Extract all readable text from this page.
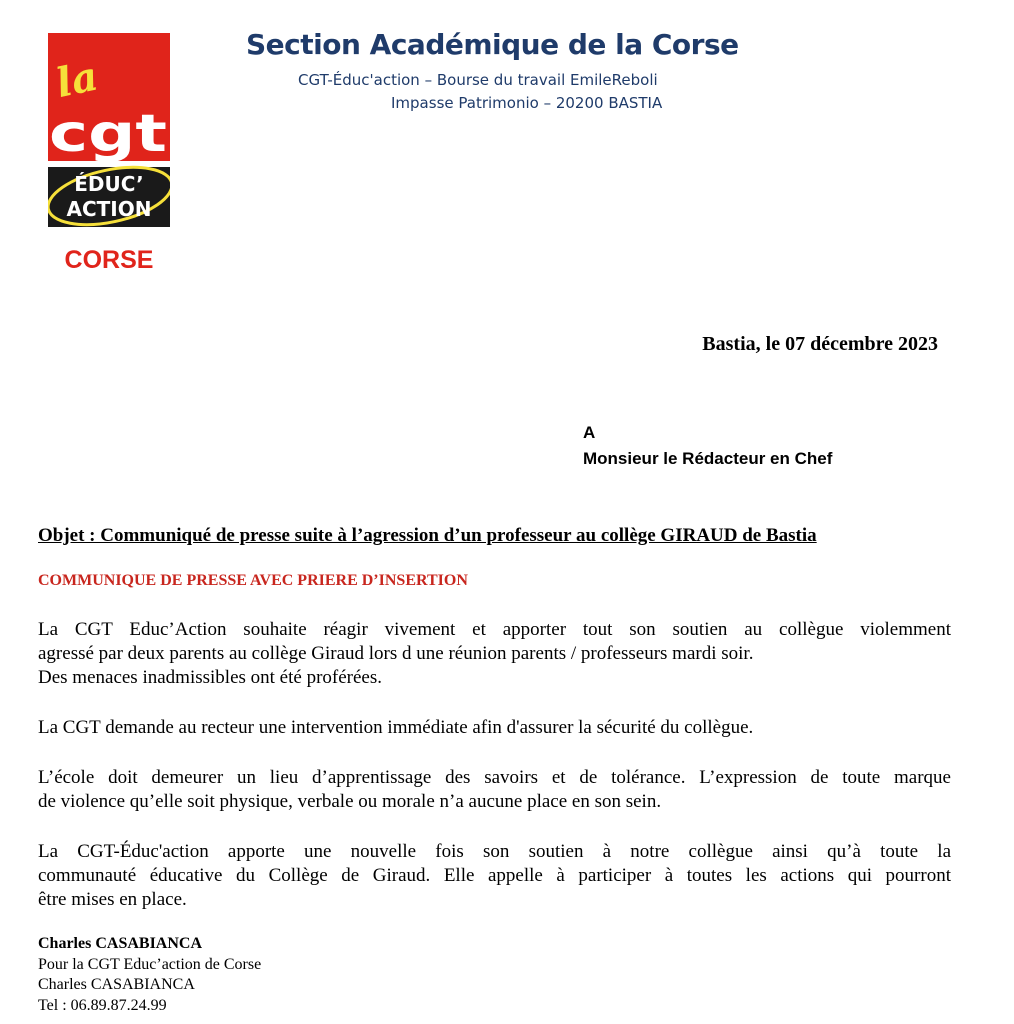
la
cgt
ÉDUC’
ACTION
CORSE
Section Académique de la Corse
CGT-Éduc'action – Bourse du travail EmileReboli
Impasse Patrimonio – 20200 BASTIA
Bastia, le 07 décembre 2023
A
Monsieur le Rédacteur en Chef
Objet : Communiqué de presse suite à l’agression d’un professeur au collège GIRAUD de Bastia
COMMUNIQUE DE PRESSE AVEC PRIERE D’INSERTION
La CGT Educ’Action souhaite réagir vivement et apporter tout son soutien au collègue violemment
agressé par deux parents au collège Giraud lors d une réunion parents / professeurs mardi soir.
Des menaces inadmissibles ont été proférées.
La CGT demande au recteur une intervention immédiate afin d'assurer la sécurité du collègue.
L’école doit demeurer un lieu d’apprentissage des savoirs et de tolérance. L’expression de toute marque
de violence qu’elle soit physique, verbale ou morale n’a aucune place en son sein.
La CGT-Éduc'action apporte une nouvelle fois son soutien à notre collègue ainsi qu’à toute la
communauté éducative du Collège de Giraud. Elle appelle à participer à toutes les actions qui pourront
être mises en place.
Charles CASABIANCA
Pour la CGT Educ’action de Corse
Charles CASABIANCA
Tel : 06.89.87.24.99
